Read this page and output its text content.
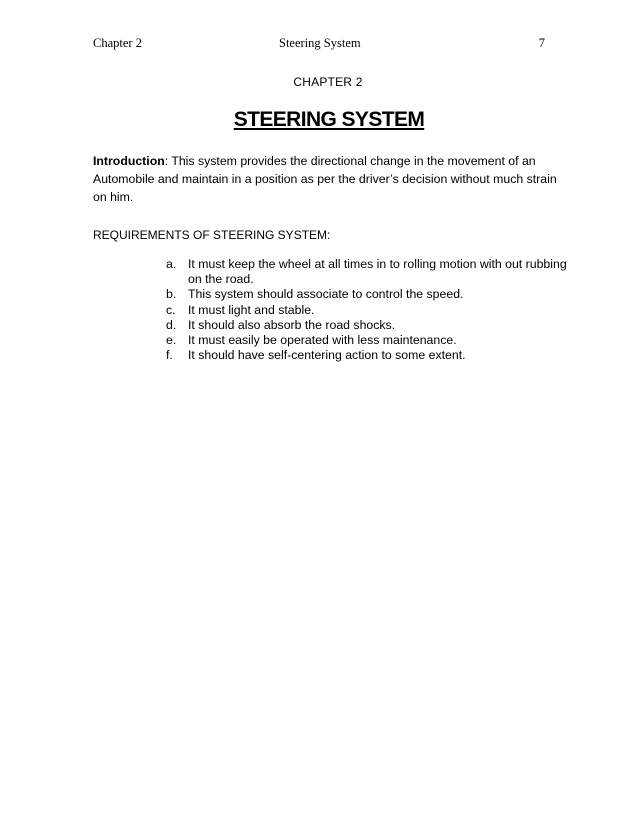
Chapter 2	Steering System	7
CHAPTER 2
STEERING SYSTEM

Introduction: This system provides the directional change in the movement of an Automobile and maintain in a position as per the driver’s decision without much strain on him.

REQUIREMENTS OF STEERING SYSTEM:
a. It must keep the wheel at all times in to rolling motion with out rubbing on the road.
b. This system should associate to control the speed.
c. It must light and stable.
d. It should also absorb the road shocks.
e. It must easily be operated with less maintenance.
f. It should have self-centering action to some extent.
